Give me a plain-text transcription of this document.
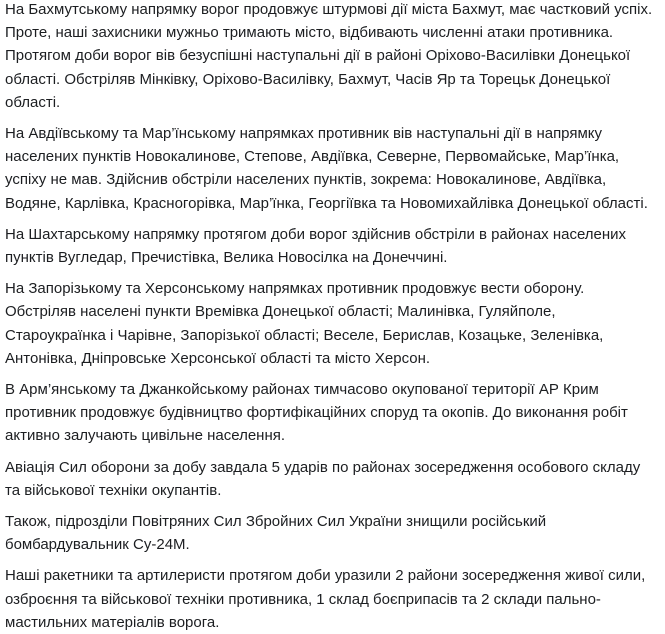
На Бахмутському напрямку ворог продовжує штурмові дії міста Бахмут, має частковий успіх. Проте, наші захисники мужньо тримають місто, відбивають численні атаки противника. Протягом доби ворог вів безуспішні наступальні дії в районі Оріхово-Василівки Донецької області. Обстріляв Мінківку, Оріхово-Василівку, Бахмут, Часів Яр та Торецьк Донецької області.

На Авдіївському та Мар’їнському напрямках противник вів наступальні дії в напрямку населених пунктів Новокалинове, Степове, Авдіївка, Северне, Первомайське, Мар’їнка, успіху не мав. Здійснив обстріли населених пунктів, зокрема: Новокалинове, Авдіївка, Водяне, Карлівка, Красногорівка, Мар’їнка, Георгіївка та Новомихайлівка Донецької області.

На Шахтарському напрямку протягом доби ворог здійснив обстріли в районах населених пунктів Вугледар, Пречистівка, Велика Новосілка на Донеччині.

На Запорізькому та Херсонському напрямках противник продовжує вести оборону. Обстріляв населені пункти Времівка Донецької області; Малинівка, Гуляйполе, Староукраїнка і Чарівне, Запорізької області; Веселе, Берислав, Козацьке, Зеленівка, Антонівка, Дніпровське Херсонської області та місто Херсон.

В Арм’янському та Джанкойському районах тимчасово окупованої території АР Крим противник продовжує будівництво фортифікаційних споруд та окопів. До виконання робіт активно залучають цивільне населення.

Авіація Сил оборони за добу завдала 5 ударів по районах зосередження особового складу та військової техніки окупантів.

Також, підрозділи Повітряних Сил Збройних Сил України знищили російський бомбардувальник Су-24М.

Наші ракетники та артилеристи протягом доби уразили 2 райони зосередження живої сили, озброєння та військової техніки противника, 1 склад боєприпасів та 2 склади пально-мастильних матеріалів ворога.
